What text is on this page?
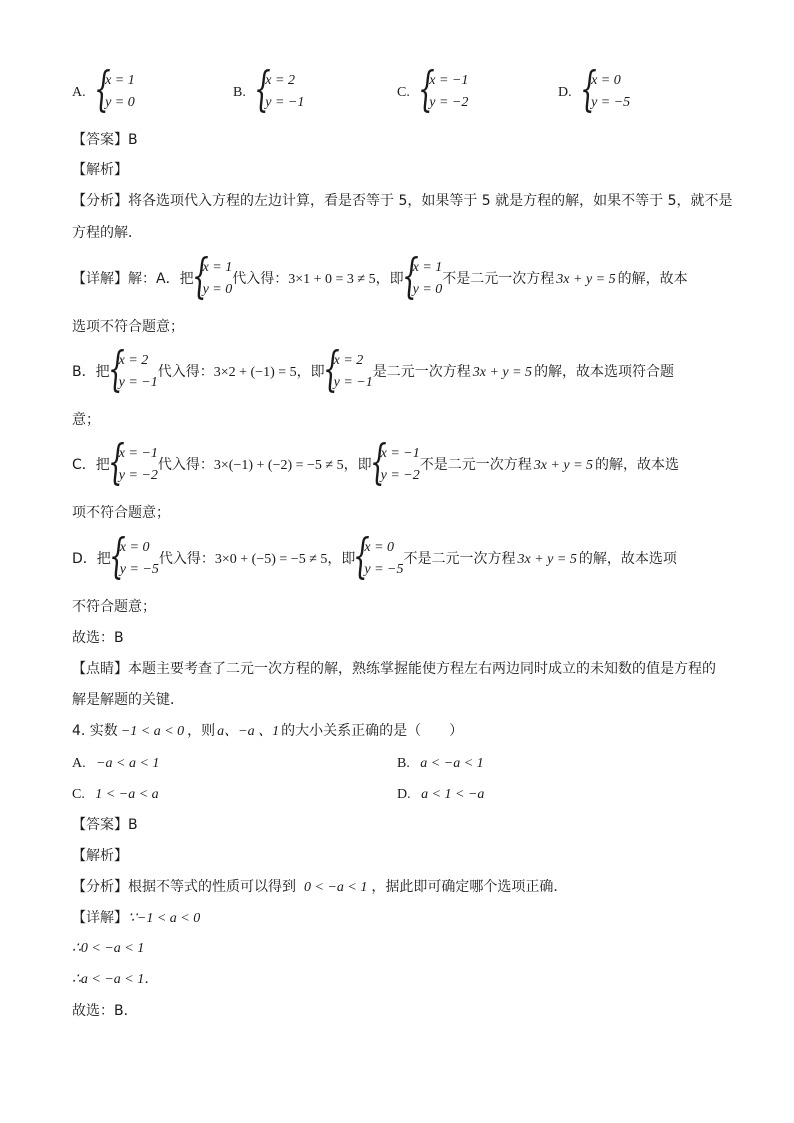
A. {
x = 1
y = 0
B. {
x = 2
y = −1
C. {
x = −1
y = −2
D. {
x = 0
y = −5
【答案】B
【解析】
【分析】将各选项代入方程的左边计算，看是否等于 5，如果等于 5 就是方程的解，如果不等于 5，就不是
方程的解．
【详解】解：A．把
{
x = 1
y = 0
代入得：3×1 + 0 = 3 ≠ 5，即
{
x = 1
y = 0
不是二元一次方程 3x + y = 5 的解，故本
选项不符合题意；
B．把
{
x = 2
y = −1
代入得：3×2 + (−1) = 5，即
{
x = 2
y = −1
是二元一次方程 3x + y = 5 的解，故本选项符合题
意；
C．把
{
x = −1
y = −2
代入得：3×(−1) + (−2) = −5 ≠ 5，即
{
x = −1
y = −2
不是二元一次方程 3x + y = 5 的解，故本选
项不符合题意；
D．把
{
x = 0
y = −5
代入得：3×0 + (−5) = −5 ≠ 5，即
{
x = 0
y = −5
不是二元一次方程 3x + y = 5 的解，故本选项
不符合题意；
故选：B
【点睛】本题主要考查了二元一次方程的解，熟练掌握能使方程左右两边同时成立的未知数的值是方程的
解是解题的关键．
4. 实数 −1 < a < 0 ，则 a、−a 、1 的大小关系正确的是（　　）
A. −a < a < 1	B. a < −a < 1
C. 1 < −a < a	D. a < 1 < −a
【答案】B
【解析】
【分析】根据不等式的性质可以得到 0 < −a < 1 ，据此即可确定哪个选项正确．
【详解】∵−1 < a < 0
∴0 < −a < 1
∴a < −a < 1．
故选：B．
